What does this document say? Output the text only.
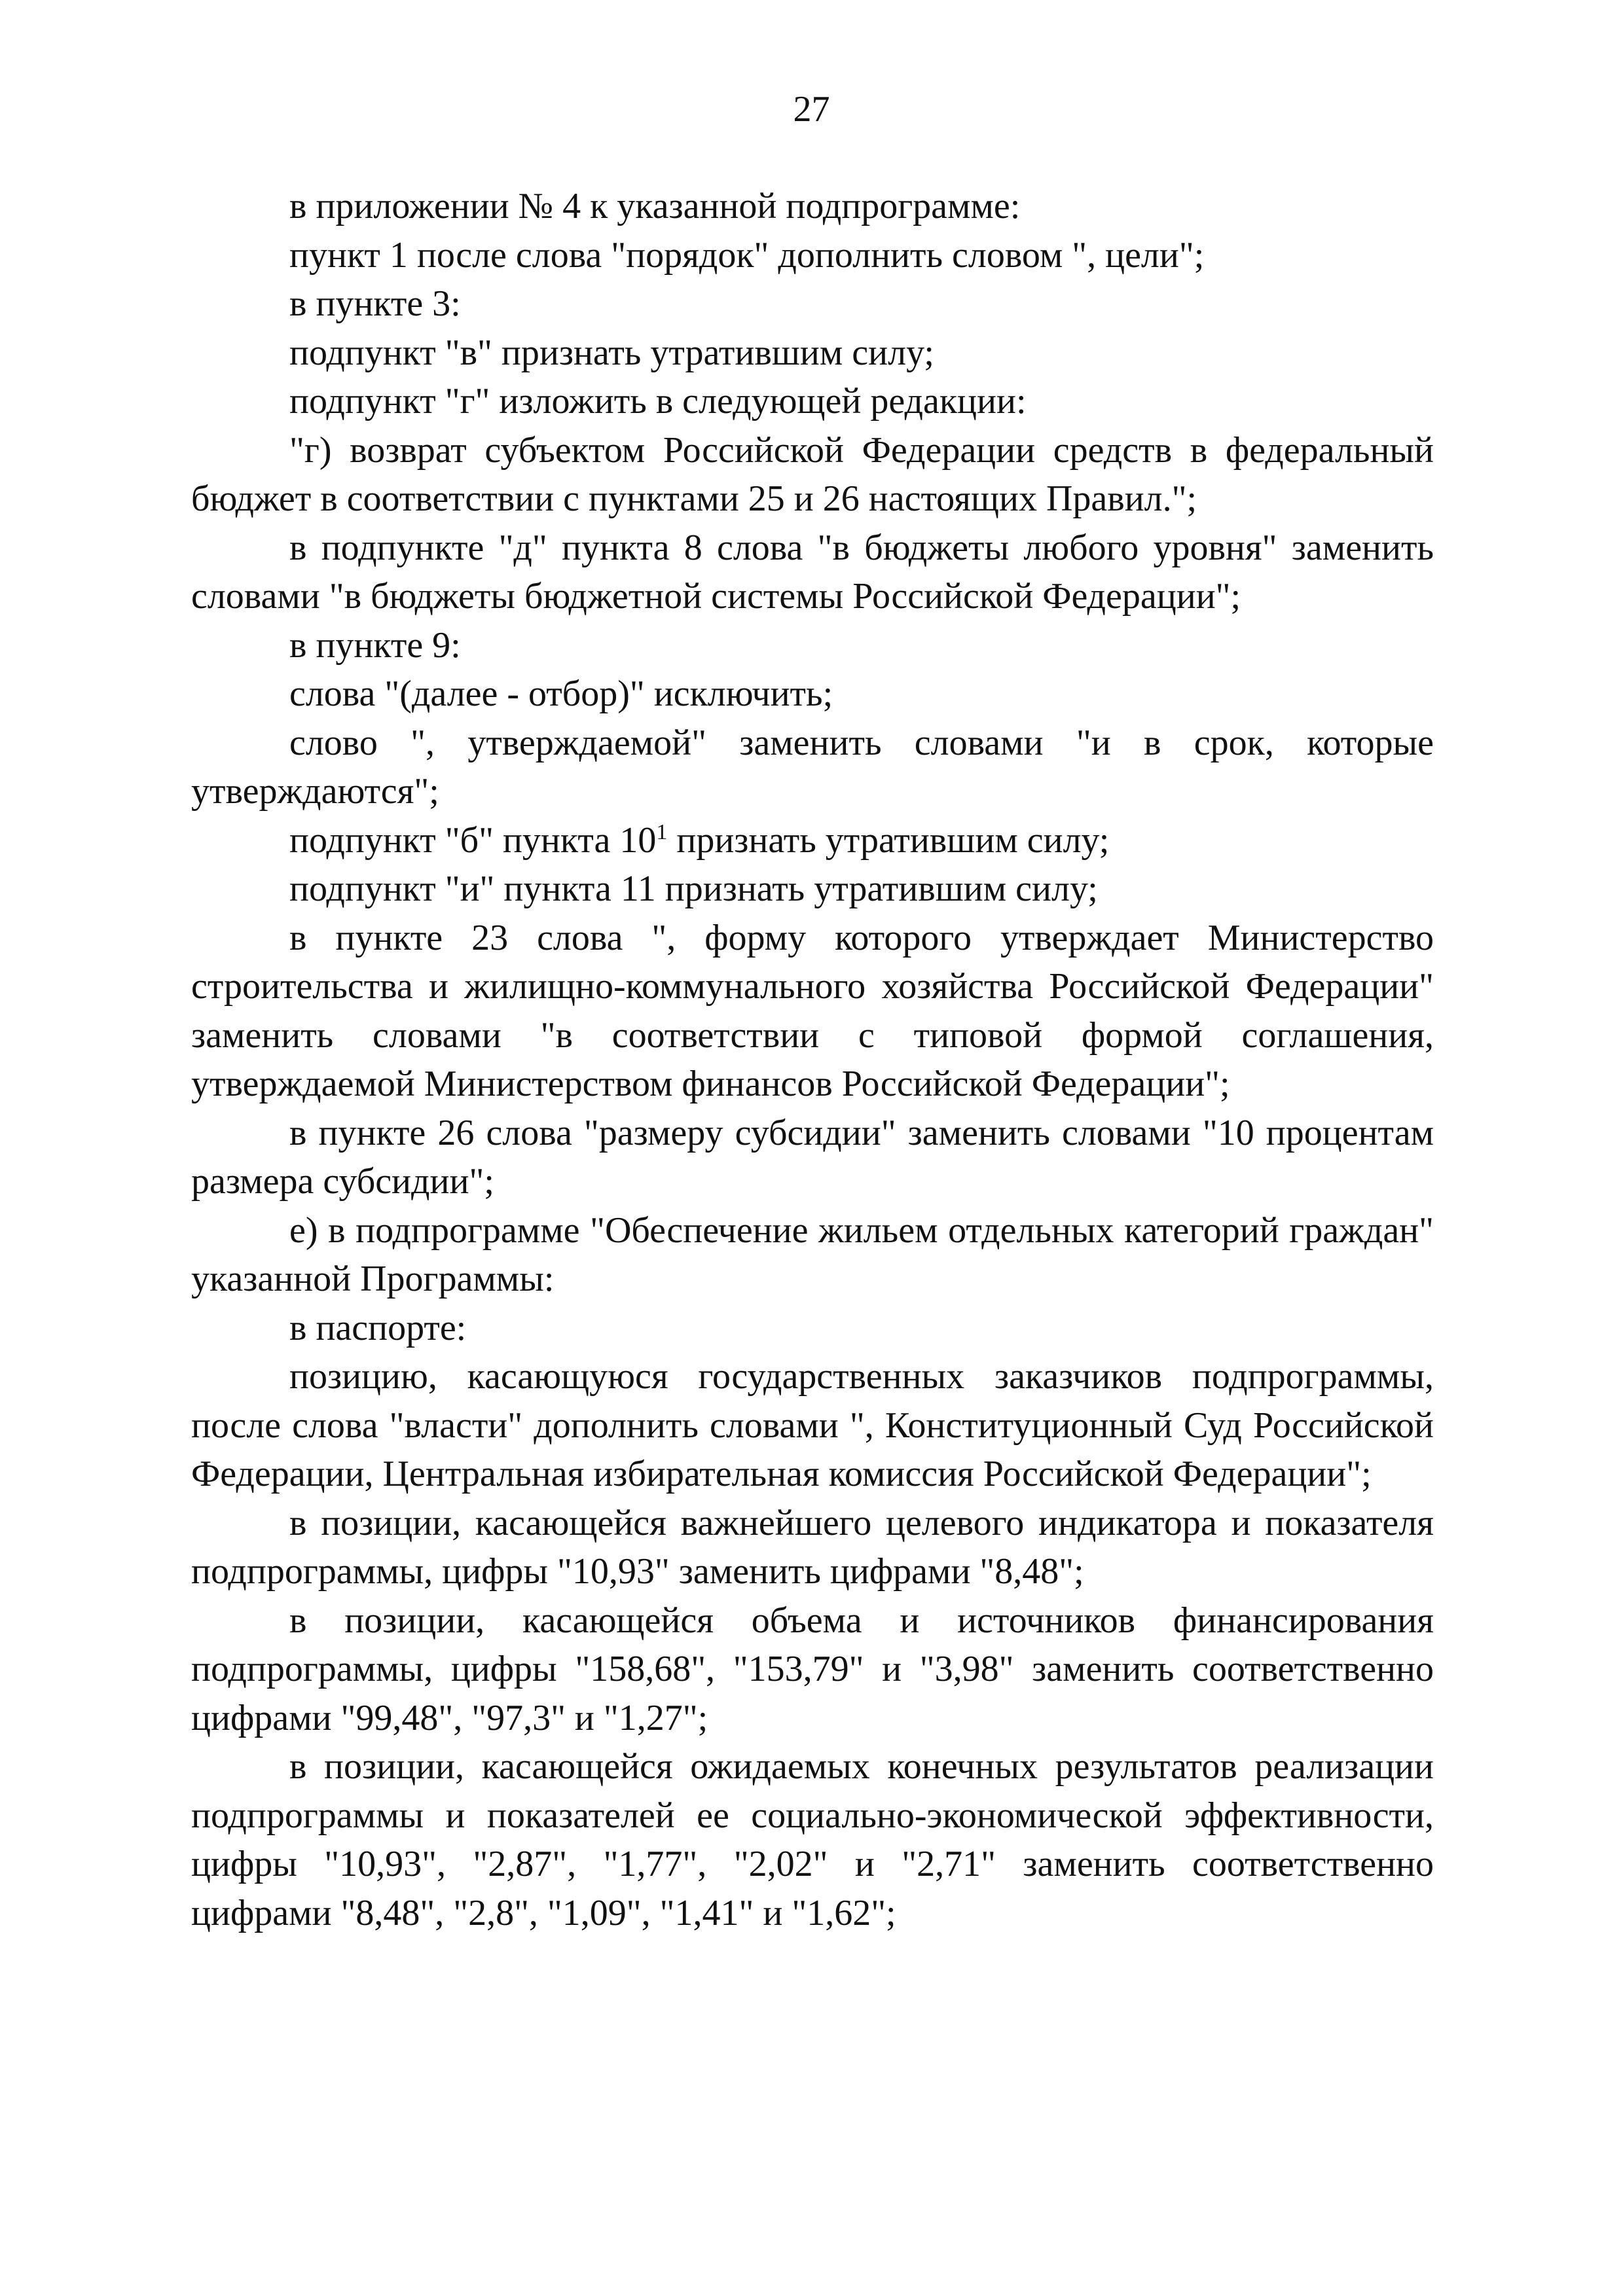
27

в приложении № 4 к указанной подпрограмме:

пункт 1 после слова "порядок" дополнить словом ", цели";

в пункте 3:

подпункт "в" признать утратившим силу;

подпункт "г" изложить в следующей редакции:

"г) возврат субъектом Российской Федерации средств в федеральный бюджет в соответствии с пунктами 25 и 26 настоящих Правил.";

в подпункте "д" пункта 8 слова "в бюджеты любого уровня" заменить словами "в бюджеты бюджетной системы Российской Федерации";

в пункте 9:

слова "(далее - отбор)" исключить;

слово ", утверждаемой" заменить словами "и в срок, которые утверждаются";

подпункт "б" пункта $10^1$ признать утратившим силу;

подпункт "и" пункта 11 признать утратившим силу;

в пункте 23 слова ", форму которого утверждает Министерство строительства и жилищно-коммунального хозяйства Российской Федерации" заменить словами "в соответствии с типовой формой соглашения, утверждаемой Министерством финансов Российской Федерации";

в пункте 26 слова "размеру субсидии" заменить словами "10 процентам размера субсидии";

е) в подпрограмме "Обеспечение жильем отдельных категорий граждан" указанной Программы:

в паспорте:

позицию, касающуюся государственных заказчиков подпрограммы, после слова "власти" дополнить словами ", Конституционный Суд Российской Федерации, Центральная избирательная комиссия Российской Федерации";

в позиции, касающейся важнейшего целевого индикатора и показателя подпрограммы, цифры "10,93" заменить цифрами "8,48";

в позиции, касающейся объема и источников финансирования подпрограммы, цифры "158,68", "153,79" и "3,98" заменить соответственно цифрами "99,48", "97,3" и "1,27";

в позиции, касающейся ожидаемых конечных результатов реализации подпрограммы и показателей ее социально-экономической эффективности, цифры "10,93", "2,87", "1,77", "2,02" и "2,71" заменить соответственно цифрами "8,48", "2,8", "1,09", "1,41" и "1,62";
